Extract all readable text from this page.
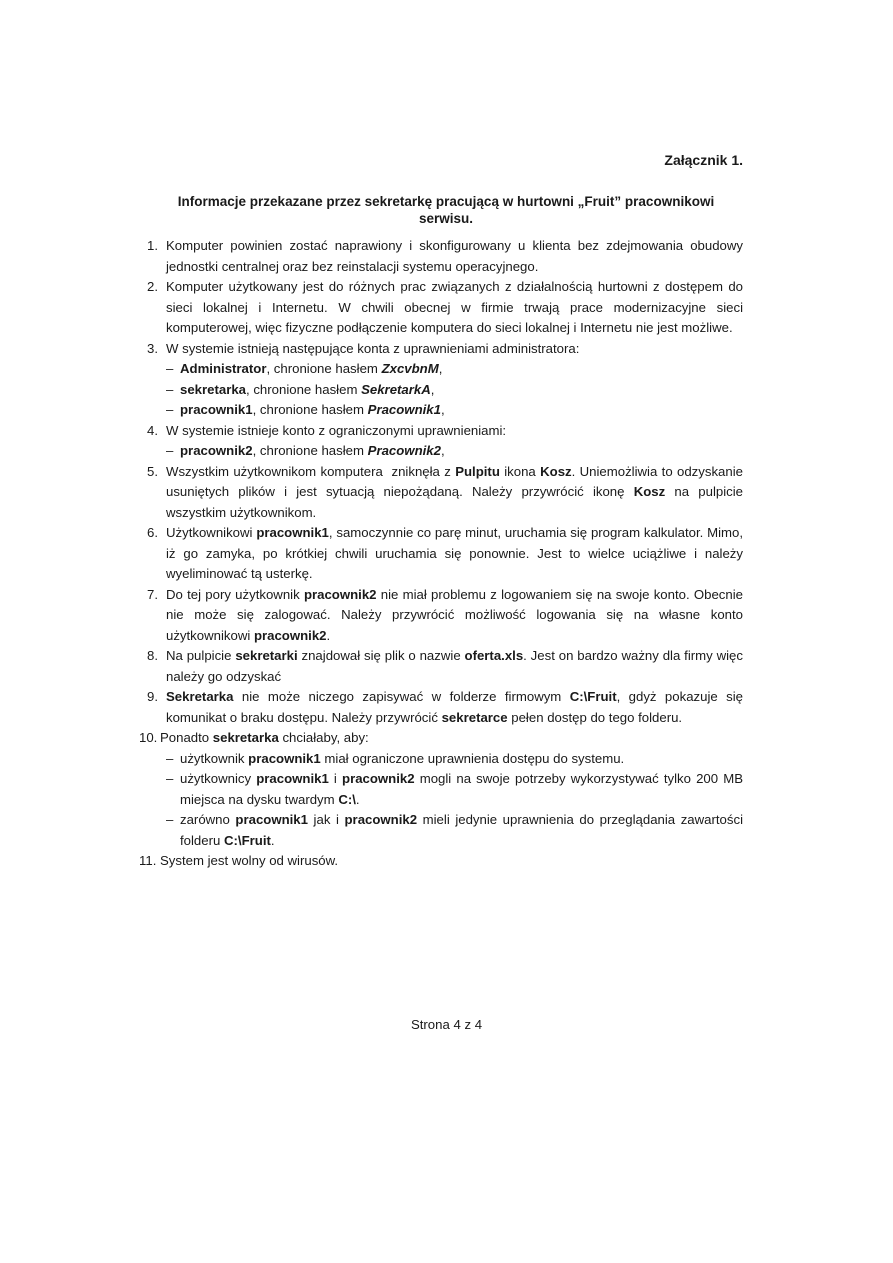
Załącznik 1.
Informacje przekazane przez sekretarkę pracującą w hurtowni „Fruit” pracownikowi serwisu.
1. Komputer powinien zostać naprawiony i skonfigurowany u klienta bez zdejmowania obudowy jednostki centralnej oraz bez reinstalacji systemu operacyjnego.
2. Komputer użytkowany jest do różnych prac związanych z działalnością hurtowni z dostępem do sieci lokalnej i Internetu. W chwili obecnej w firmie trwają prace modernizacyjne sieci komputerowej, więc fizyczne podłączenie komputera do sieci lokalnej i Internetu nie jest możliwe.
3. W systemie istnieją następujące konta z uprawnieniami administratora:
– Administrator, chronione hasłem ZxcvbnM,
– sekretarka, chronione hasłem SekretarkA,
– pracownik1, chronione hasłem Pracownik1,
4. W systemie istnieje konto z ograniczonymi uprawnieniami:
– pracownik2, chronione hasłem Pracownik2,
5. Wszystkim użytkownikom komputera  zniknęła z Pulpitu ikona Kosz. Uniemożliwia to odzyskanie usuniętych plików i jest sytuacją niepożądaną. Należy przywrócić ikonę Kosz na pulpicie wszystkim użytkownikom.
6. Użytkownikowi pracownik1, samoczynnie co parę minut, uruchamia się program kalkulator. Mimo, iż go zamyka, po krótkiej chwili uruchamia się ponownie. Jest to wielce uciążliwe i należy wyeliminować tą usterkę.
7. Do tej pory użytkownik pracownik2 nie miał problemu z logowaniem się na swoje konto. Obecnie nie może się zalogować. Należy przywrócić możliwość logowania się na własne konto użytkownikowi pracownik2.
8. Na pulpicie sekretarki znajdował się plik o nazwie oferta.xls. Jest on bardzo ważny dla firmy więc należy go odzyskać
9. Sekretarka nie może niczego zapisywać w folderze firmowym C:\Fruit, gdyż pokazuje się komunikat o braku dostępu. Należy przywrócić sekretarce pełen dostęp do tego folderu.
10. Ponadto sekretarka chciałaby, aby:
– użytkownik pracownik1 miał ograniczone uprawnienia dostępu do systemu.
– użytkownicy pracownik1 i pracownik2 mogli na swoje potrzeby wykorzystywać tylko 200 MB miejsca na dysku twardym C:\.
– zarówno pracownik1 jak i pracownik2 mieli jedynie uprawnienia do przeglądania zawartości folderu C:\Fruit.
11. System jest wolny od wirusów.
Strona 4 z 4
